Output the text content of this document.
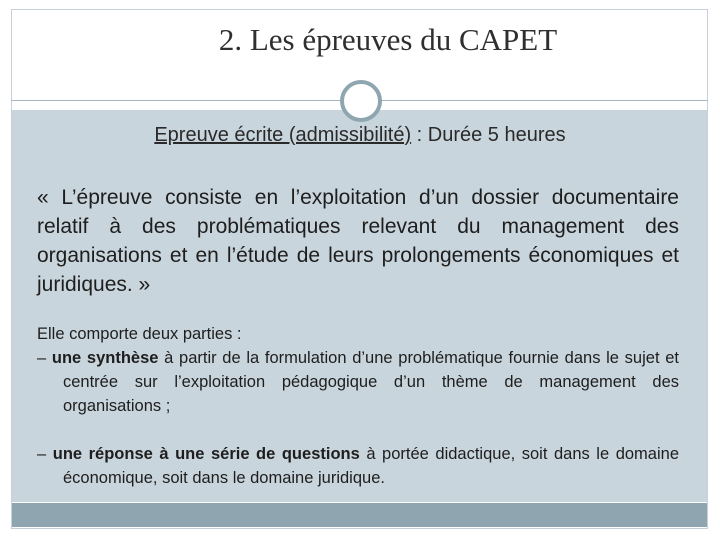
2. Les épreuves du CAPET
Epreuve écrite (admissibilité) : Durée 5 heures
« L’épreuve consiste en l’exploitation d’un dossier documentaire relatif à des problématiques relevant du management des organisations et en l’étude de leurs prolongements économiques et juridiques. »

Elle comporte deux parties :

– une synthèse à partir de la formulation d’une problématique fournie dans le sujet et centrée sur l’exploitation pédagogique d’un thème de management des organisations ;

– une réponse à une série de questions à portée didactique, soit dans le domaine économique, soit dans le domaine juridique.
